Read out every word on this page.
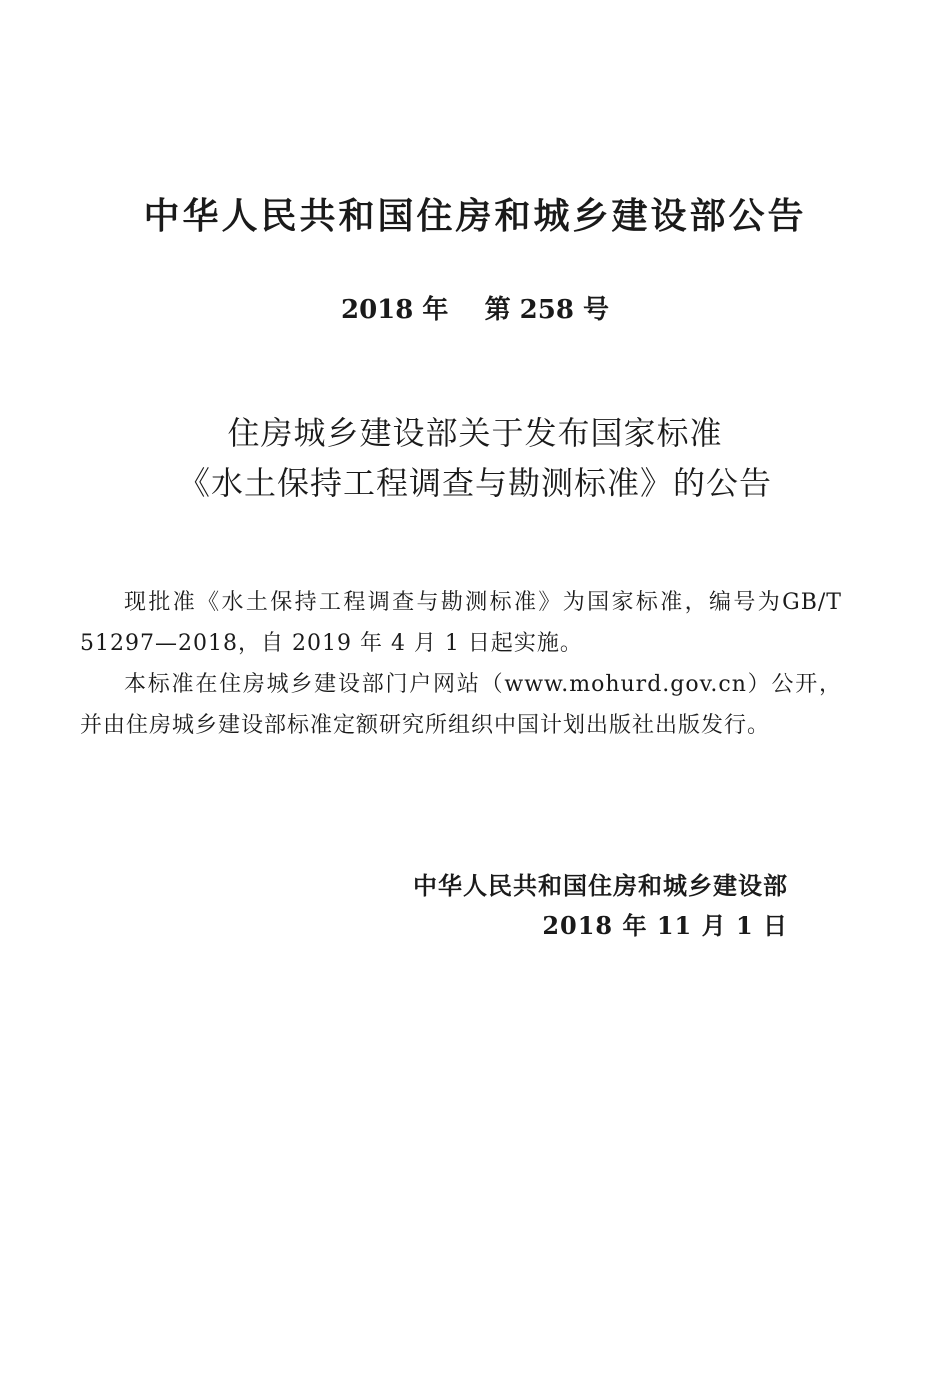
中华人民共和国住房和城乡建设部公告
2018 年    第 258 号
住房城乡建设部关于发布国家标准
《水土保持工程调查与勘测标准》的公告

现批准《水土保持工程调查与勘测标准》为国家标准，编号为GB/T 51297—2018，自 2019 年 4 月 1 日起实施。

本标准在住房城乡建设部门户网站（www.mohurd.gov.cn）公开，并由住房城乡建设部标准定额研究所组织中国计划出版社出版发行。

中华人民共和国住房和城乡建设部
2018 年 11 月 1 日
